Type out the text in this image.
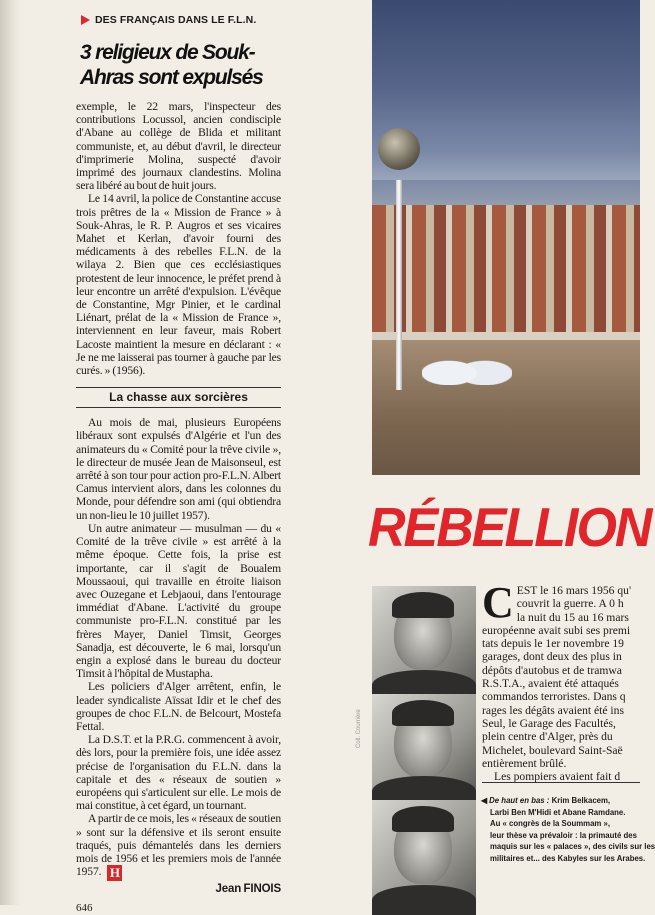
DES FRANÇAIS DANS LE F.L.N.
3 religieux de Souk-Ahras sont expulsés

exemple, le 22 mars, l'inspecteur des contributions Locussol, ancien condisciple d'Abane au collège de Blida et militant communiste, et, au début d'avril, le directeur d'imprimerie Molina, suspecté d'avoir imprimé des journaux clandestins. Molina sera libéré au bout de huit jours.

Le 14 avril, la police de Constantine accuse trois prêtres de la « Mission de France » à Souk-Ahras, le R. P. Augros et ses vicaires Mahet et Kerlan, d'avoir fourni des médicaments à des rebelles F.L.N. de la wilaya 2. Bien que ces ecclésiastiques protestent de leur innocence, le préfet prend à leur encontre un arrêté d'expulsion. L'évêque de Constantine, Mgr Pinier, et le cardinal Liénart, prélat de la « Mission de France », interviennent en leur faveur, mais Robert Lacoste maintient la mesure en déclarant : « Je ne me laisserai pas tourner à gauche par les curés. » (1956).

La chasse aux sorcières

Au mois de mai, plusieurs Européens libéraux sont expulsés d'Algérie et l'un des animateurs du « Comité pour la trêve civile », le directeur de musée Jean de Maisonseul, est arrêté à son tour pour action pro-F.L.N. Albert Camus intervient alors, dans les colonnes du Monde, pour défendre son ami (qui obtiendra un non-lieu le 10 juillet 1957).

Un autre animateur — musulman — du « Comité de la trêve civile » est arrêté à la même époque. Cette fois, la prise est importante, car il s'agit de Boualem Moussaoui, qui travaille en étroite liaison avec Ouzegane et Lebjaoui, dans l'entourage immédiat d'Abane. L'activité du groupe communiste pro-F.L.N. constitué par les frères Mayer, Daniel Timsit, Georges Sanadja, est découverte, le 6 mai, lorsqu'un engin a explosé dans le bureau du docteur Timsit à l'hôpital de Mustapha.

Les policiers d'Alger arrêtent, enfin, le leader syndicaliste Aïssat Idir et le chef des groupes de choc F.L.N. de Belcourt, Mostefa Fettal.

La D.S.T. et la P.R.G. commencent à avoir, dès lors, pour la première fois, une idée assez précise de l'organisation du F.L.N. dans la capitale et des « réseaux de soutien » européens qui s'articulent sur elle. Le mois de mai constitue, à cet égard, un tournant.

A partir de ce mois, les « réseaux de soutien » sont sur la défensive et ils seront ensuite traqués, puis démantelés dans les derniers mois de 1956 et les premiers mois de l'année 1957. H

Jean FINOIS
646
RÉBELLION
Coll. Courrière
C EST le 16 mars 1956 qu'
couvrit la guerre. A 0 h
la nuit du 15 au 16 mars
européenne avait subi ses premi
tats depuis le 1er novembre 19
garages, dont deux des plus in
dépôts d'autobus et de tramwa
R.S.T.A., avaient été attaqués
commandos terroristes. Dans q
rages les dégâts avaient été ins
Seul, le Garage des Facultés,
plein centre d'Alger, près du
Michelet, boulevard Saint-Saë
entièrement brûlé.
Les pompiers avaient fait d
◀ De haut en bas : Krim Belkacem,
Larbi Ben M'Hidi et Abane Ramdane.
Au « congrès de la Soummam »,
leur thèse va prévaloir : la primauté des
maquis sur les « palaces », des civils sur les
militaires et... des Kabyles sur les Arabes.
